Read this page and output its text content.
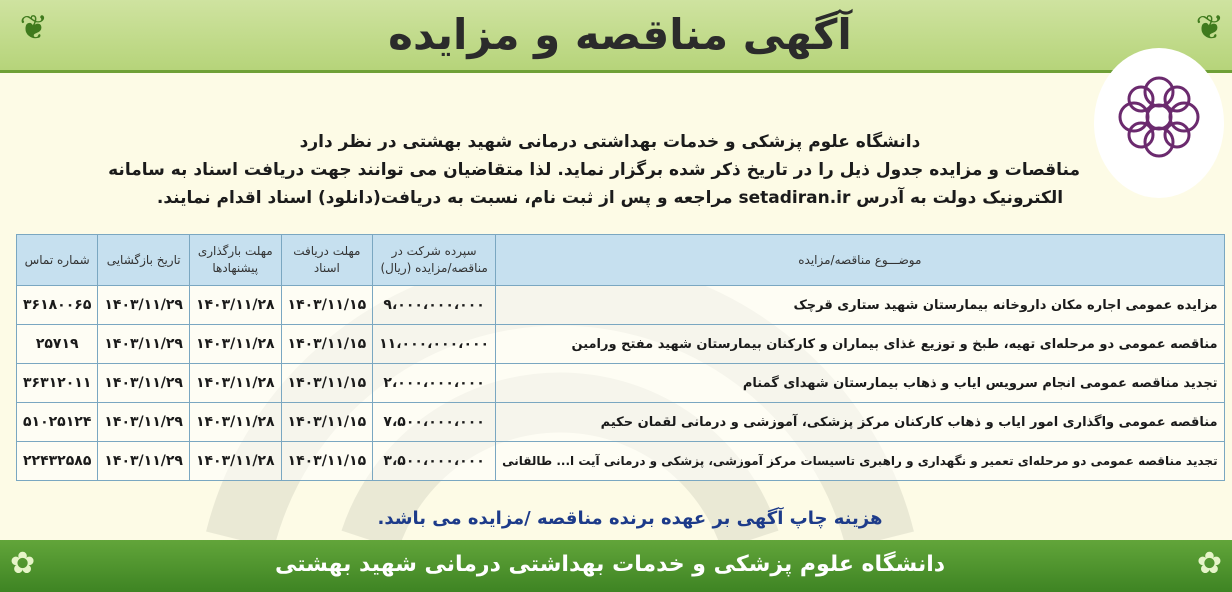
❦	❦
آگهی مناقصه و مزایده
دانشگاه علوم پزشکی و خدمات بهداشتی درمانی شهید بهشتی در نظر دارد
مناقصات و مزایده جدول ذیل را در تاریخ ذکر شده برگزار نماید. لذا متقاضیان می توانند جهت دریافت اسناد به سامانه
الکترونیک دولت به آدرس setadiran.ir مراجعه و پس از ثبت نام، نسبت به دریافت(دانلود) اسناد اقدام نمایند.
موضـــوع مناقصه/مزایده	سپرده شرکت در مناقصه/مزایده (ریال)	مهلت دریافت اسناد	مهلت بارگذاری پیشنهادها	تاریخ بازگشایی	شماره تماس
مزایده عمومی اجاره مکان داروخانه بیمارستان شهید ستاری قرچک	۹،۰۰۰،۰۰۰،۰۰۰	۱۴۰۳/۱۱/۱۵	۱۴۰۳/۱۱/۲۸	۱۴۰۳/۱۱/۲۹	۳۶۱۸۰۰۶۵
مناقصه عمومی دو مرحله‌ای تهیه، طبخ و توزیع غذای بیماران و کارکنان بیمارستان شهید مفتح ورامین	۱۱،۰۰۰،۰۰۰،۰۰۰	۱۴۰۳/۱۱/۱۵	۱۴۰۳/۱۱/۲۸	۱۴۰۳/۱۱/۲۹	۲۵۷۱۹
تجدید مناقصه عمومی انجام سرویس ایاب و ذهاب بیمارستان شهدای گمنام	۲،۰۰۰،۰۰۰،۰۰۰	۱۴۰۳/۱۱/۱۵	۱۴۰۳/۱۱/۲۸	۱۴۰۳/۱۱/۲۹	۳۶۳۱۲۰۱۱
مناقصه عمومی واگذاری امور ایاب و ذهاب کارکنان مرکز پزشکی، آموزشی و درمانی لقمان حکیم	۷،۵۰۰،۰۰۰،۰۰۰	۱۴۰۳/۱۱/۱۵	۱۴۰۳/۱۱/۲۸	۱۴۰۳/۱۱/۲۹	۵۱۰۲۵۱۲۴
تجدید مناقصه عمومی دو مرحله‌ای تعمیر و نگهداری و راهبری تاسیسات مرکز آموزشی، پزشکی و درمانی آیت ا... طالقانی	۳،۵۰۰،۰۰۰،۰۰۰	۱۴۰۳/۱۱/۱۵	۱۴۰۳/۱۱/۲۸	۱۴۰۳/۱۱/۲۹	۲۲۴۳۲۵۸۵
هزینه چاپ آگهی بر عهده برنده مناقصه /مزایده می باشد.
✿	دانشگاه علوم پزشکی و خدمات بهداشتی درمانی شهید بهشتی	✿
